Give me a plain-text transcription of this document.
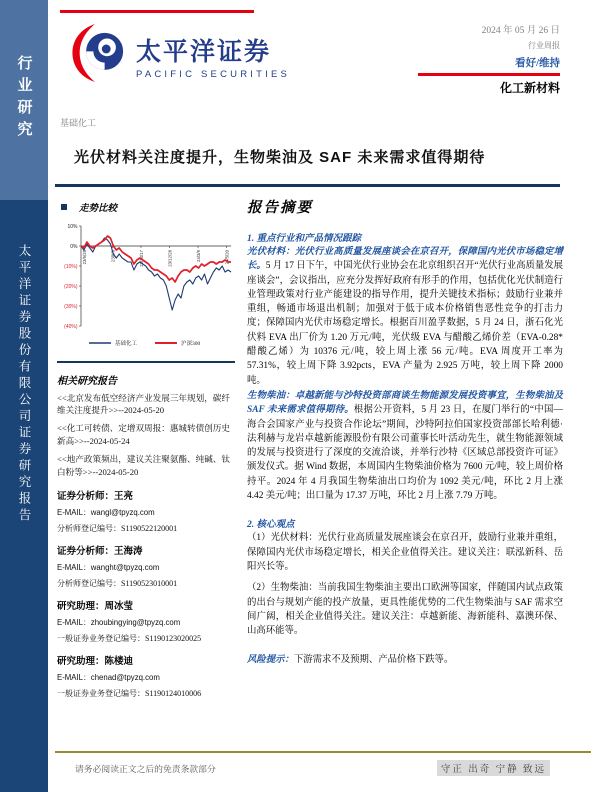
行业研究
太平洋证券股份有限公司证券研究报告
太平洋证券
PACIFIC SECURITIES
2024 年 05 月 26 日
行业周报
看好/维持
化工新材料
基础化工
光伏材料关注度提升，生物柴油及 SAF 未来需求值得期待
走势比较
10%
0%
(10%)
(20%)
(30%)
(40%)
23/5/26	23/8/6	23/10/17	23/12/28	24/3/9	24/5/20
基础化工	沪深300
相关研究报告
<<北京发布低空经济产业发展三年规划，碳纤维关注度提升>>--2024-05-20
<<化工可转债、定增双周报：惠城转债创历史新高>>--2024-05-24
<<地产政策频出，建议关注聚氨酯、纯碱、钛白粉等>>--2024-05-20
证券分析师：王亮
E-MAIL：wangl@tpyzq.com
分析师登记编号：S1190522120001
证券分析师：王海涛
E-MAIL：wanght@tpyzq.com
分析师登记编号：S1190523010001
研究助理：周冰莹
E-MAIL：zhoubingying@tpyzq.com
一般证券业务登记编号：S1190123020025
研究助理：陈楼迪
E-MAIL：chenad@tpyzq.com
一般证券业务登记编号：S1190124010006
报告摘要
1. 重点行业和产品情况跟踪
光伏材料：光伏行业高质量发展座谈会在京召开，保障国内光伏市场稳定增长。5 月 17 日下午，中国光伏行业协会在北京组织召开“光伏行业高质量发展座谈会”，会议指出，应充分发挥好政府有形手的作用，包括优化光伏制造行业管理政策对行业产能建设的指导作用，提升关键技术指标；鼓励行业兼并重组，畅通市场退出机制；加强对于低于成本价格销售恶性竞争的打击力度；保障国内光伏市场稳定增长。根据百川盈孚数据，5 月 24 日，浙石化光伏料 EVA 出厂价为 1.20 万元/吨，光伏级 EVA 与醋酸乙烯价差（EVA-0.28*醋酸乙烯）为 10376 元/吨，较上周上涨 56 元/吨。EVA 周度开工率为 57.31%，较上周下降 3.92pcts，EVA 产量为 2.925 万吨，较上周下降 2000 吨。
生物柴油：卓越新能与沙特投资部商谈生物能源发展投资事宜，生物柴油及 SAF 未来需求值得期待。根据公开资料，5 月 23 日，在厦门举行的“中国—海合会国家产业与投资合作论坛”期间，沙特阿拉伯国家投资部部长哈利德·法利赫与龙岩卓越新能源股份有限公司董事长叶活动先生，就生物能源领域的发展与投资进行了深度的交流洽谈，并举行沙特《区域总部投资许可证》颁发仪式。据 Wind 数据，本周国内生物柴油价格为 7600 元/吨，较上周价格持平。2024 年 4 月我国生物柴油出口均价为 1092 美元/吨，环比 2 月上涨 4.42 美元/吨；出口量为 17.37 万吨，环比 2 月上涨 7.79 万吨。
2. 核心观点
（1）光伏材料：光伏行业高质量发展座谈会在京召开，鼓励行业兼并重组，保障国内光伏市场稳定增长，相关企业值得关注。建议关注：联泓新科、岳阳兴长等。
（2）生物柴油：当前我国生物柴油主要出口欧洲等国家，伴随国内试点政策的出台与规划产能的投产放量，更具性能优势的二代生物柴油与 SAF 需求空间广阔，相关企业值得关注。建议关注：卓越新能、海新能科、嘉澳环保、山高环能等。
风险提示：下游需求不及预期、产品价格下跌等。
请务必阅读正文之后的免责条款部分	守正 出奇 宁静 致远
